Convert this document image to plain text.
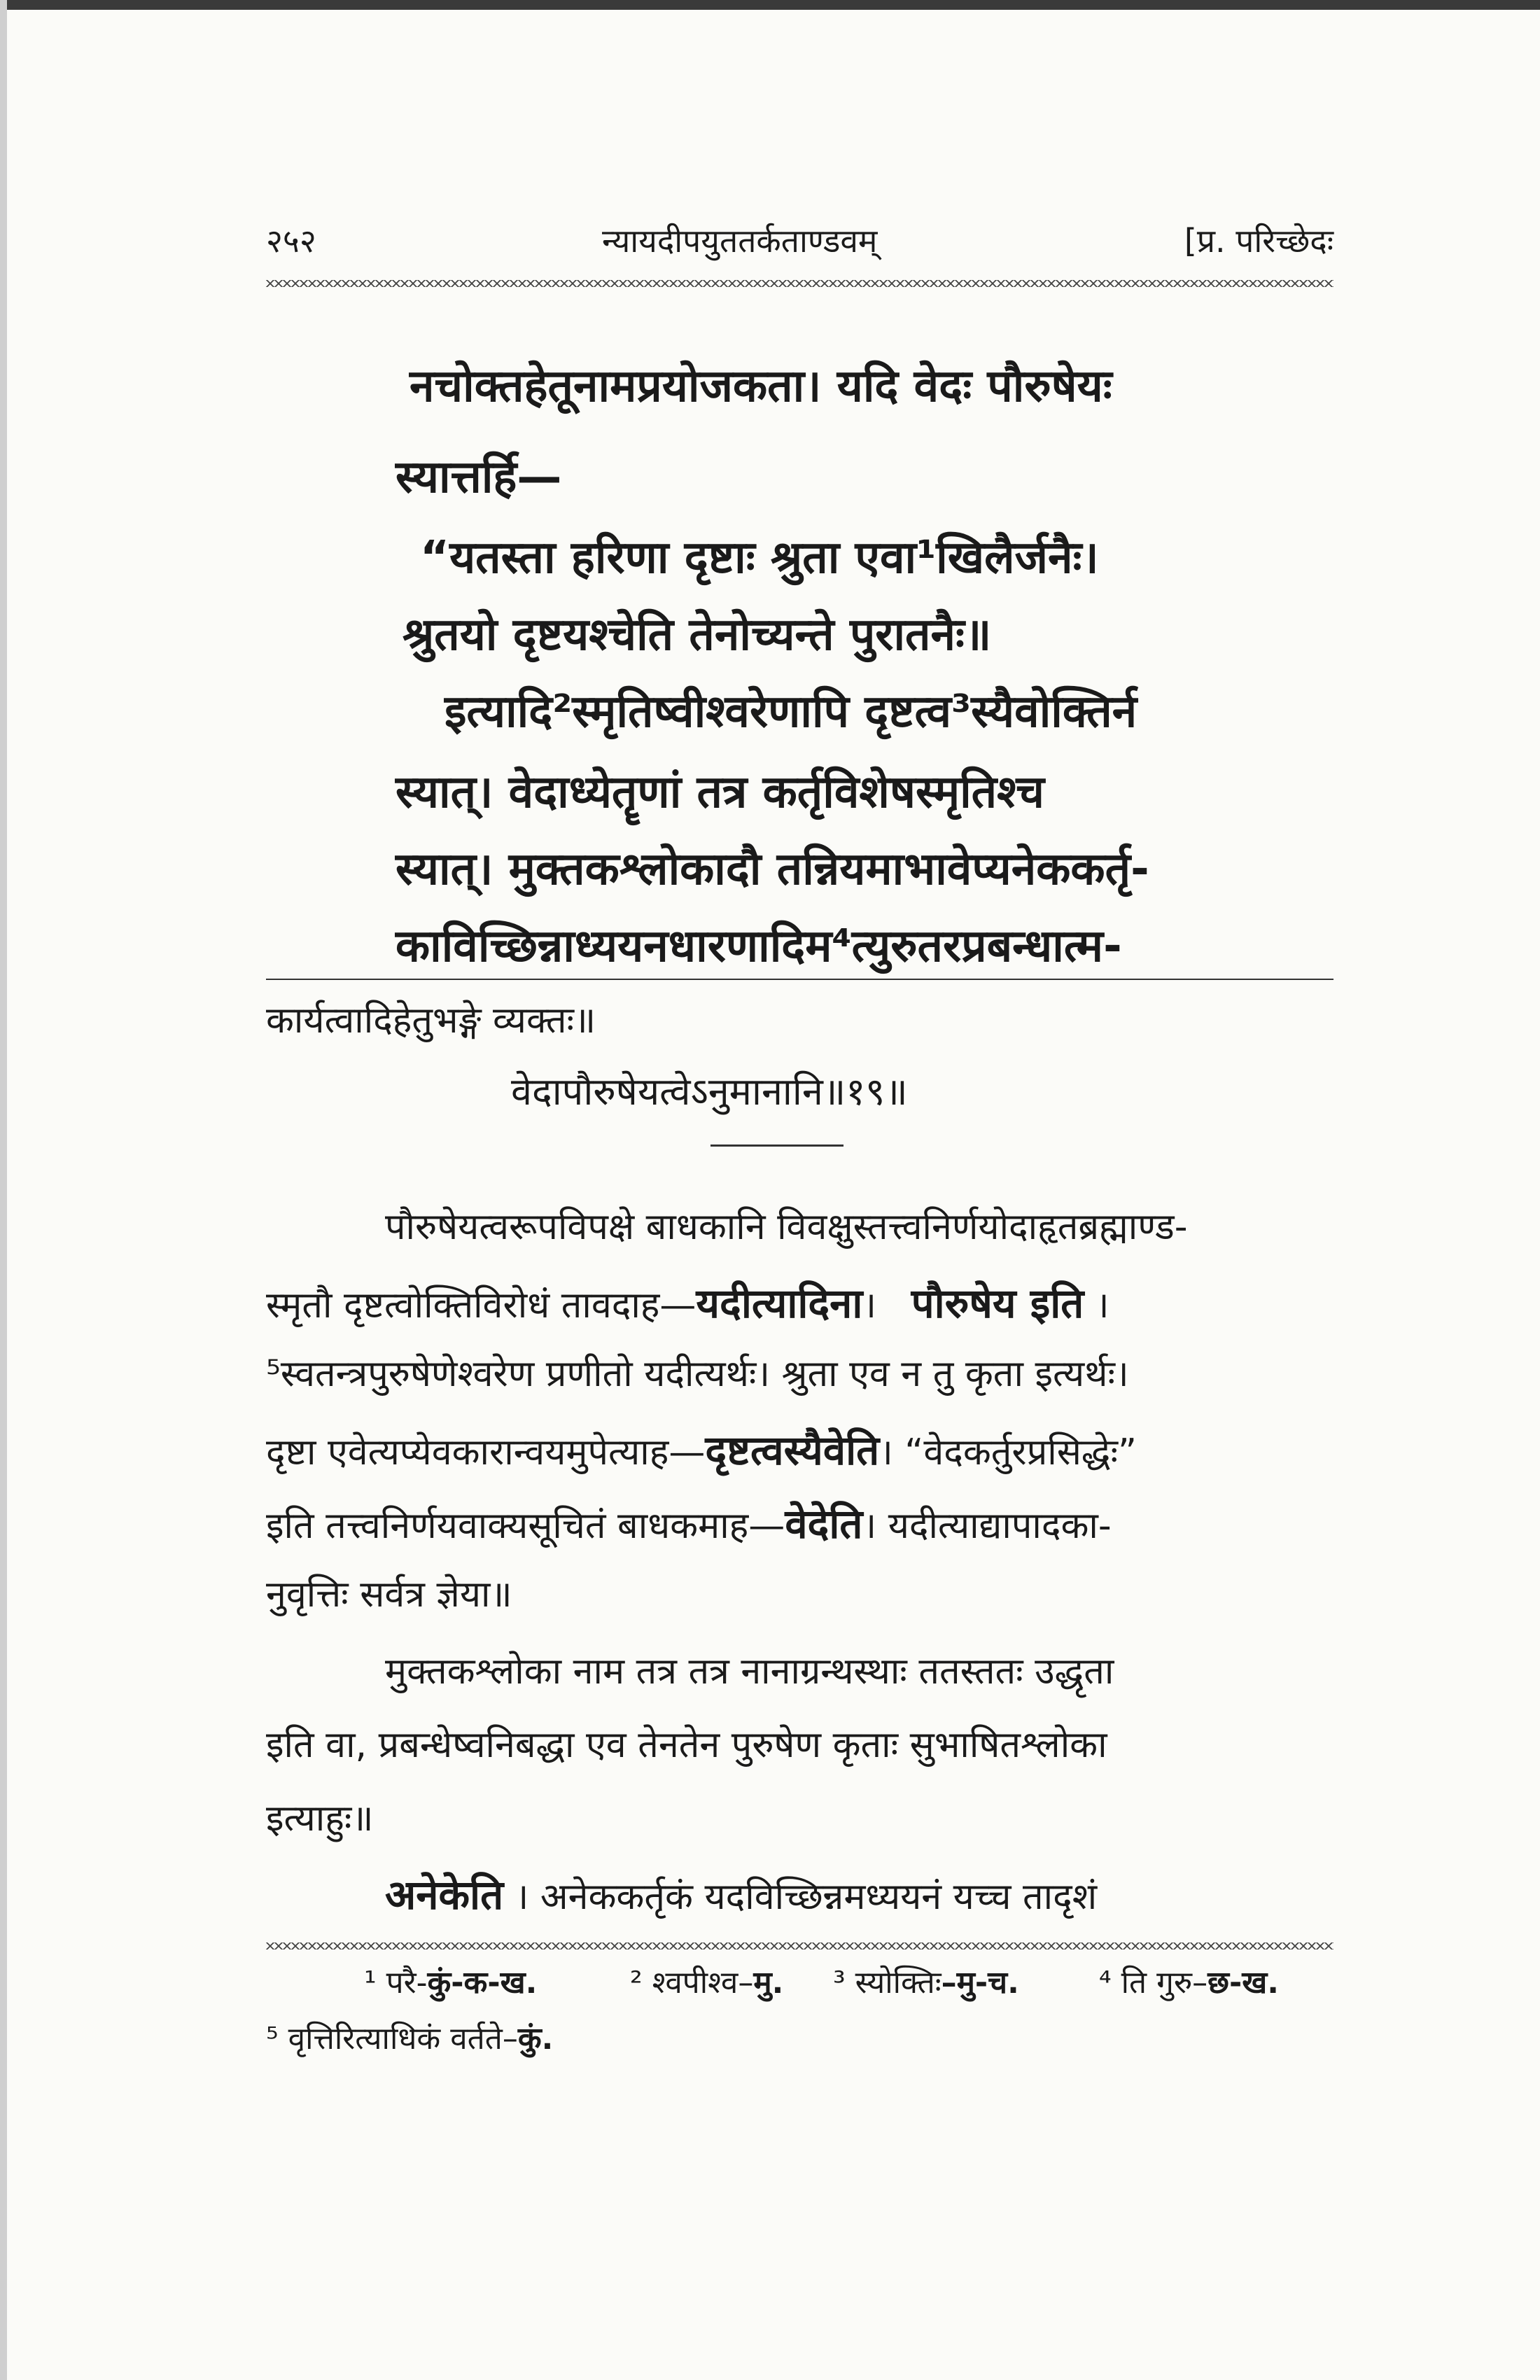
२५२	न्यायदीपयुततर्कताण्डवम्	[प्र. परिच्छेदः
नचोक्तहेतूनामप्रयोजकता। यदि वेदः पौरुषेयः
स्यात्तर्हि—
“यतस्ता हरिणा दृष्टाः श्रुता एवा¹खिलैर्जनैः।
श्रुतयो दृष्टयश्चेति तेनोच्यन्ते पुरातनैः॥
इत्यादि²स्मृतिष्वीश्वरेणापि दृष्टत्व³स्यैवोक्तिर्न
स्यात्। वेदाध्येतॄणां तत्र कर्तृविशेषस्मृतिश्च
स्यात्। मुक्तकश्लोकादौ तन्नियमाभावेप्यनेककर्तृ-
काविच्छिन्नाध्ययनधारणादिम⁴त्युरुतरप्रबन्धात्म-
कार्यत्वादिहेतुभङ्गे व्यक्तः॥
वेदापौरुषेयत्वेऽनुमानानि॥१९॥
पौरुषेयत्वरूपविपक्षे बाधकानि विवक्षुस्तत्त्वनिर्णयोदाहृतब्रह्माण्ड-
स्मृतौ दृष्टत्वोक्तिविरोधं तावदाह—यदीत्यादिना।   पौरुषेय इति ।
⁵स्वतन्त्रपुरुषेणेश्वरेण प्रणीतो यदीत्यर्थः। श्रुता एव न तु कृता इत्यर्थः।
दृष्टा एवेत्यप्येवकारान्वयमुपेत्याह—दृष्टत्वस्यैवेति। “वेदकर्तुरप्रसिद्धेः”
इति तत्त्वनिर्णयवाक्यसूचितं बाधकमाह—वेदेति। यदीत्याद्यापादका-
नुवृत्तिः सर्वत्र ज्ञेया॥
मुक्तकश्लोका नाम तत्र तत्र नानाग्रन्थस्थाः ततस्ततः उद्धृता
इति वा, प्रबन्धेष्वनिबद्धा एव तेनतेन पुरुषेण कृताः सुभाषितश्लोका
इत्याहुः॥
अनेकेति । अनेककर्तृकं यदविच्छिन्नमध्ययनं यच्च तादृशं
¹ परै-कुं-क-ख.	² श्वपीश्व–मु. ³ स्योक्तिः–मु-च.	⁴ ति गुरु–छ-ख.
⁵ वृत्तिरित्याधिकं वर्तते–कुं.
